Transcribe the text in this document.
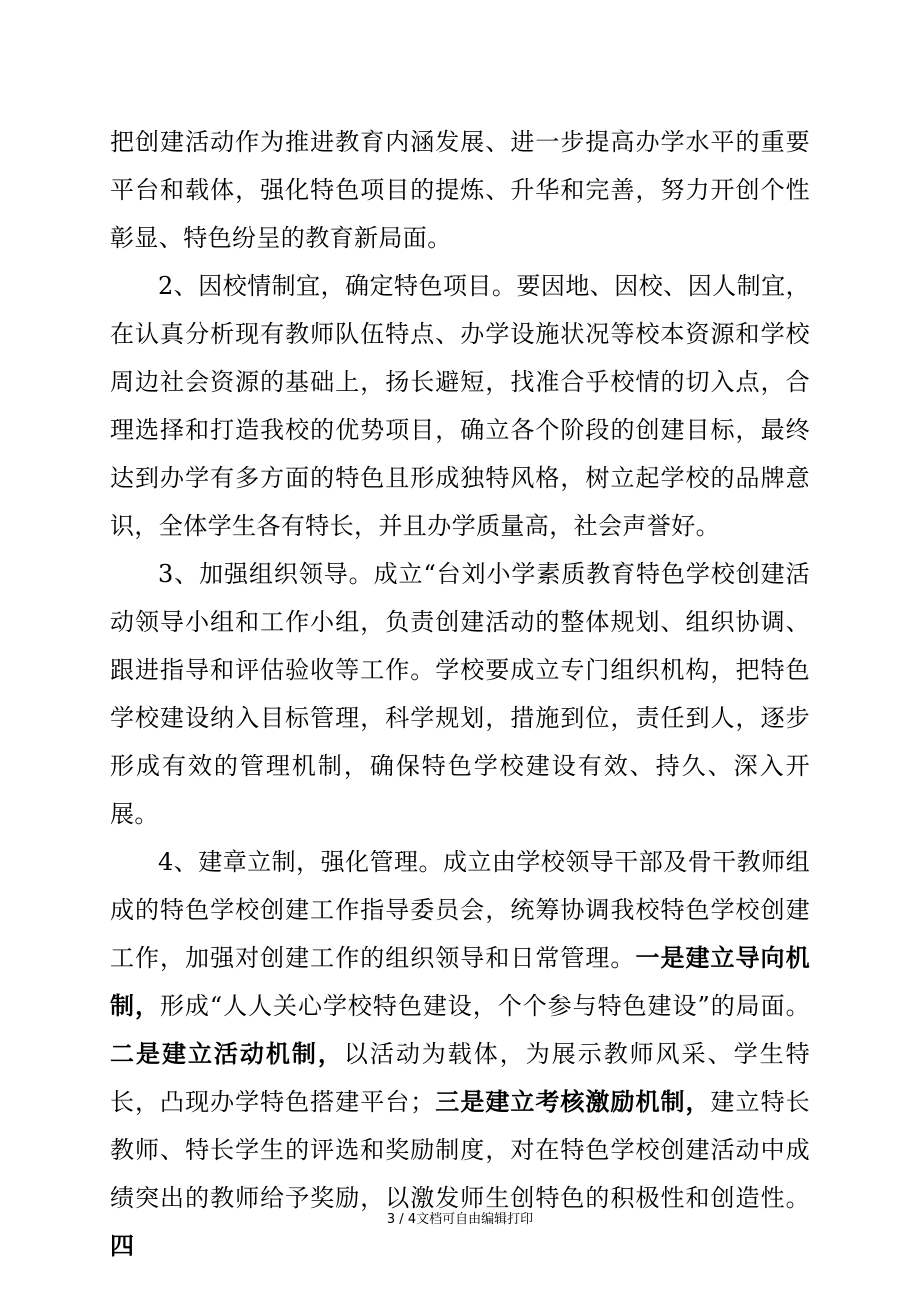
把创建活动作为推进教育内涵发展、进一步提高办学水平的重要平台和载体，强化特色项目的提炼、升华和完善，努力开创个性彰显、特色纷呈的教育新局面。

2、因校情制宜，确定特色项目。要因地、因校、因人制宜，在认真分析现有教师队伍特点、办学设施状况等校本资源和学校周边社会资源的基础上，扬长避短，找准合乎校情的切入点，合理选择和打造我校的优势项目，确立各个阶段的创建目标，最终达到办学有多方面的特色且形成独特风格，树立起学校的品牌意识，全体学生各有特长，并且办学质量高，社会声誉好。

3、加强组织领导。成立“台刘小学素质教育特色学校创建活动领导小组和工作小组，负责创建活动的整体规划、组织协调、跟进指导和评估验收等工作。学校要成立专门组织机构，把特色学校建设纳入目标管理，科学规划，措施到位，责任到人，逐步形成有效的管理机制，确保特色学校建设有效、持久、深入开展。

4、建章立制，强化管理。成立由学校领导干部及骨干教师组成的特色学校创建工作指导委员会，统筹协调我校特色学校创建工作，加强对创建工作的组织领导和日常管理。一是建立导向机制，形成“人人关心学校特色建设，个个参与特色建设”的局面。二是建立活动机制，以活动为载体，为展示教师风采、学生特长，凸现办学特色搭建平台；三是建立考核激励机制，建立特长教师、特长学生的评选和奖励制度，对在特色学校创建活动中成绩突出的教师给予奖励，以激发师生创特色的积极性和创造性。四

3 / 4文档可自由编辑打印
